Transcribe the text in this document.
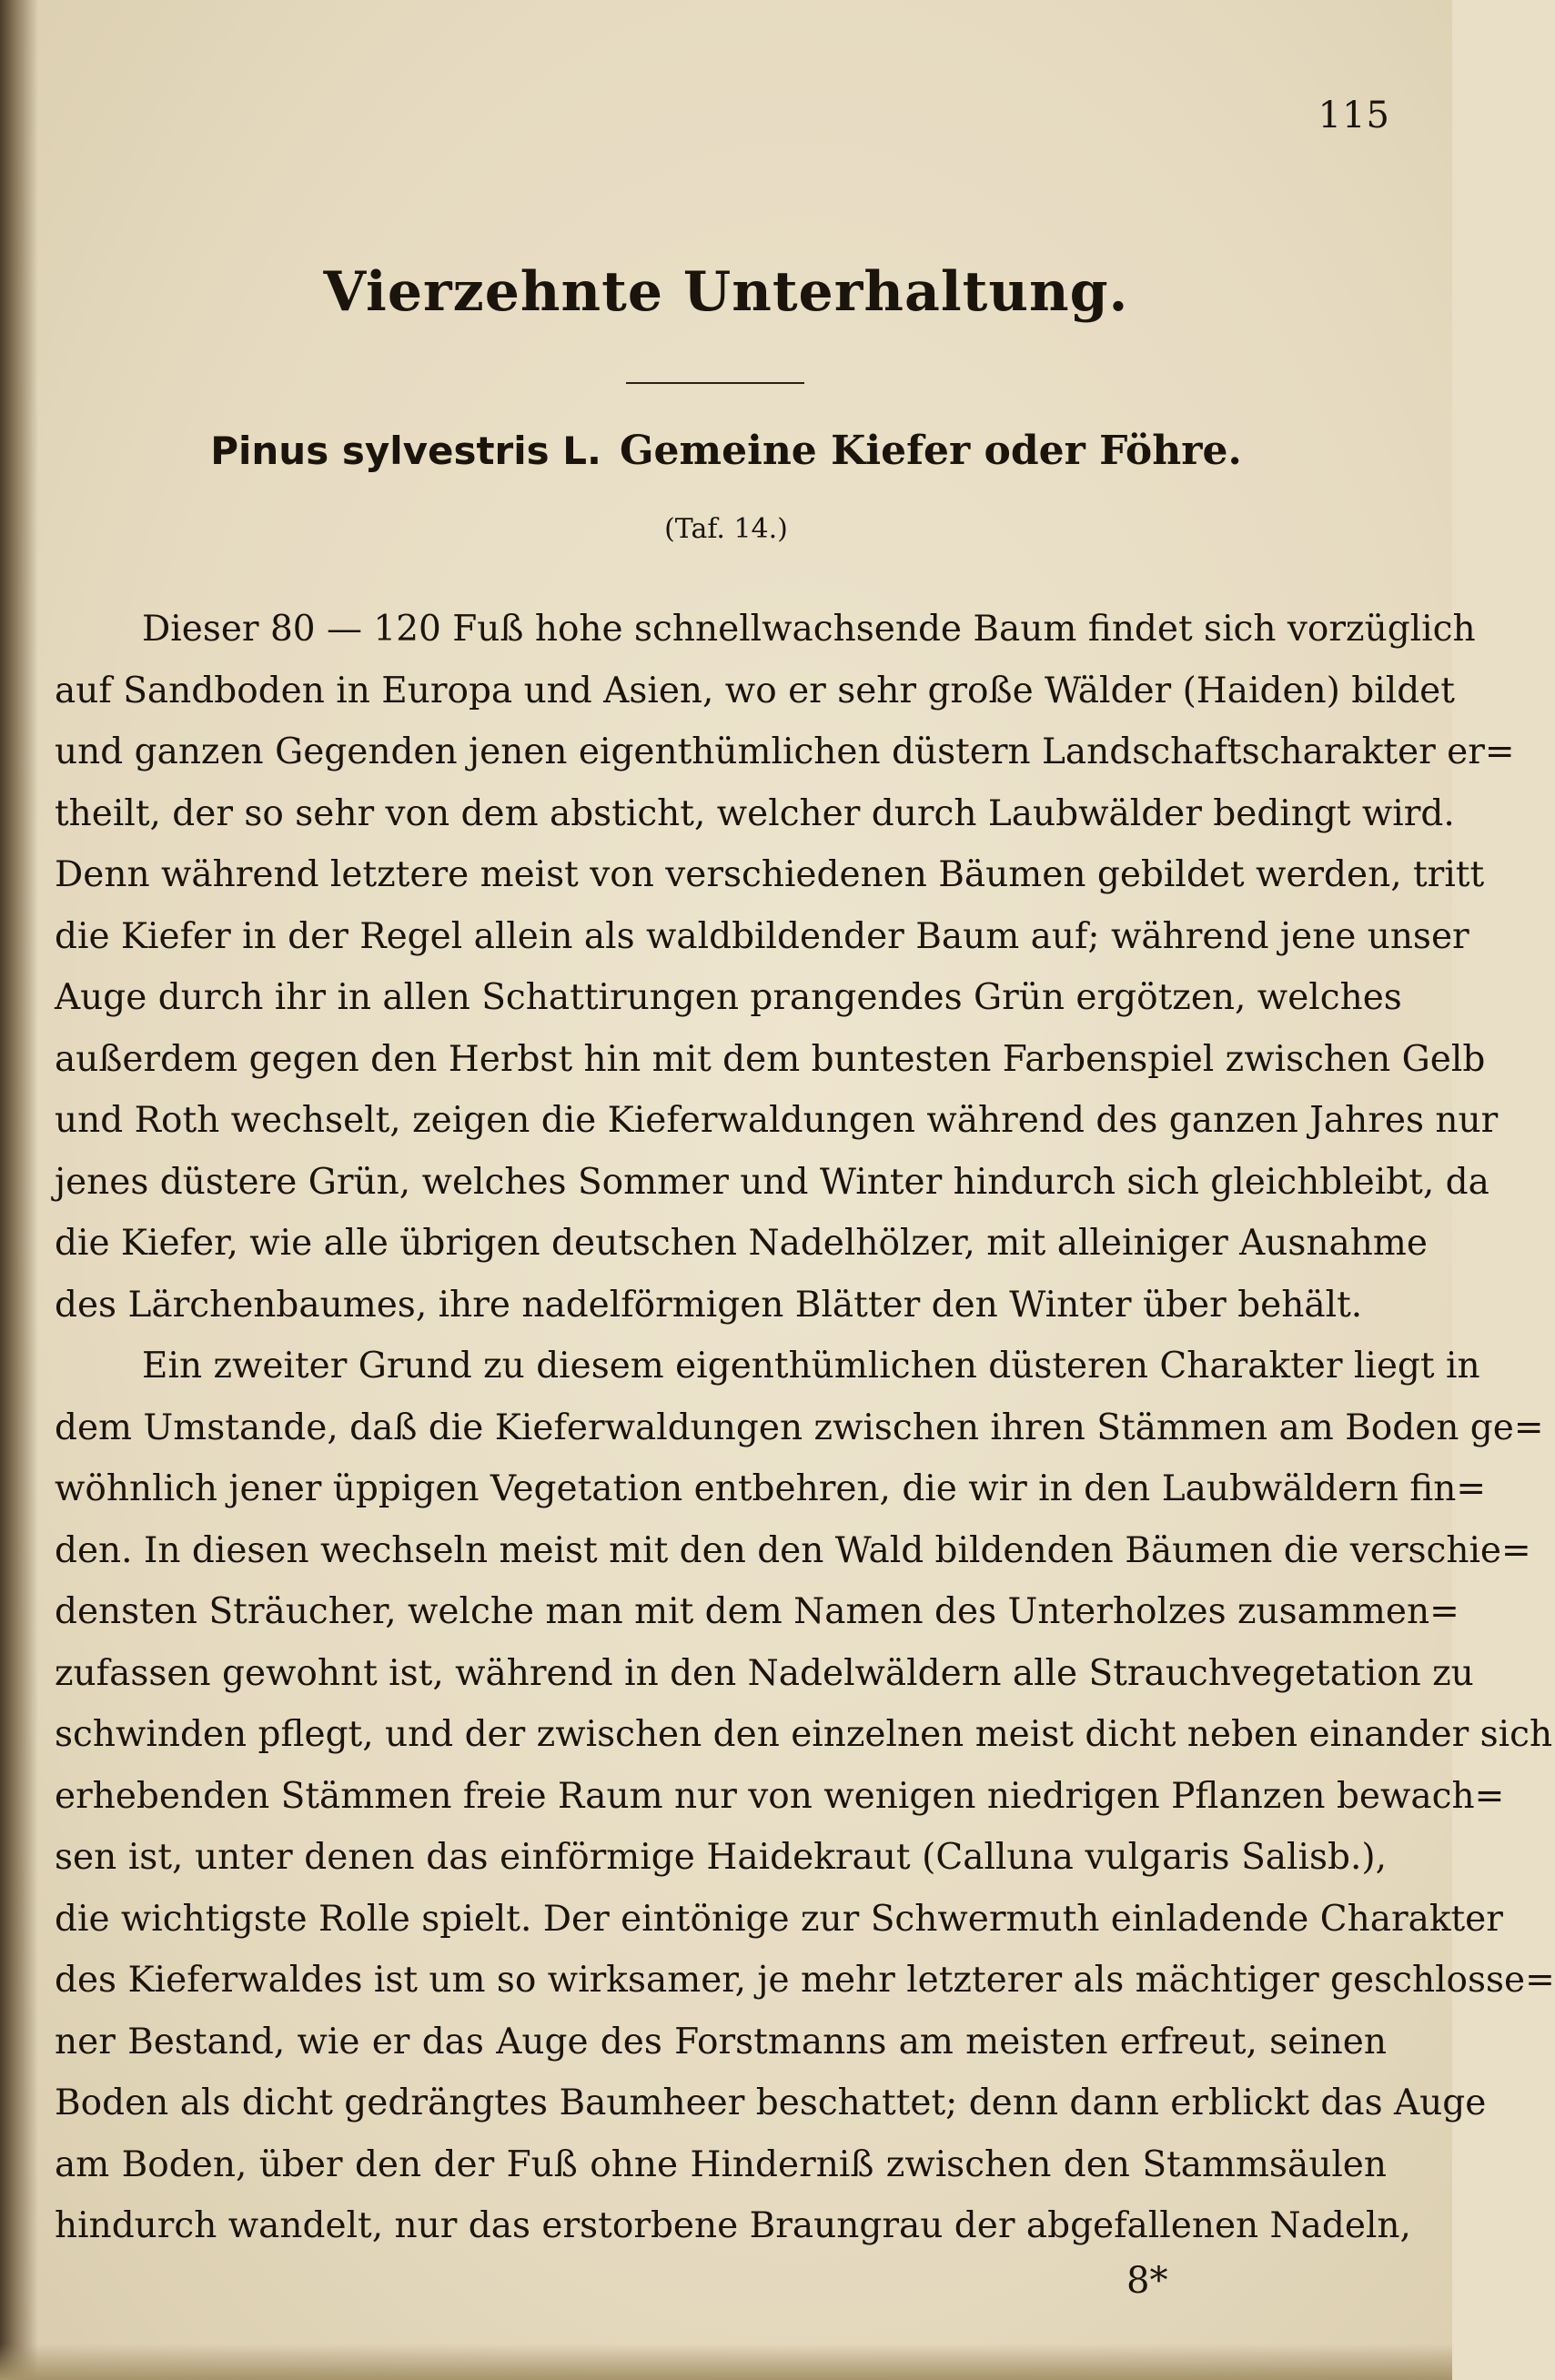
115
Vierzehnte Unterhaltung.
Pinus sylvestris L. Gemeine Kiefer oder Föhre.
(Taf. 14.)
Dieser 80 — 120 Fuß hohe schnellwachsende Baum findet sich vorzüglich
auf Sandboden in Europa und Asien, wo er sehr große Wälder (Haiden) bildet
und ganzen Gegenden jenen eigenthümlichen düstern Landschaftscharakter er=
theilt, der so sehr von dem absticht, welcher durch Laubwälder bedingt wird.
Denn während letztere meist von verschiedenen Bäumen gebildet werden, tritt
die Kiefer in der Regel allein als waldbildender Baum auf; während jene unser
Auge durch ihr in allen Schattirungen prangendes Grün ergötzen, welches
außerdem gegen den Herbst hin mit dem buntesten Farbenspiel zwischen Gelb
und Roth wechselt, zeigen die Kieferwaldungen während des ganzen Jahres nur
jenes düstere Grün, welches Sommer und Winter hindurch sich gleichbleibt, da
die Kiefer, wie alle übrigen deutschen Nadelhölzer, mit alleiniger Ausnahme
des Lärchenbaumes, ihre nadelförmigen Blätter den Winter über behält.
Ein zweiter Grund zu diesem eigenthümlichen düsteren Charakter liegt in
dem Umstande, daß die Kieferwaldungen zwischen ihren Stämmen am Boden ge=
wöhnlich jener üppigen Vegetation entbehren, die wir in den Laubwäldern fin=
den. In diesen wechseln meist mit den den Wald bildenden Bäumen die verschie=
densten Sträucher, welche man mit dem Namen des Unterholzes zusammen=
zufassen gewohnt ist, während in den Nadelwäldern alle Strauchvegetation zu
schwinden pflegt, und der zwischen den einzelnen meist dicht neben einander sich
erhebenden Stämmen freie Raum nur von wenigen niedrigen Pflanzen bewach=
sen ist, unter denen das einförmige Haidekraut (Calluna vulgaris Salisb.),
die wichtigste Rolle spielt. Der eintönige zur Schwermuth einladende Charakter
des Kieferwaldes ist um so wirksamer, je mehr letzterer als mächtiger geschlosse=
ner Bestand, wie er das Auge des Forstmanns am meisten erfreut, seinen
Boden als dicht gedrängtes Baumheer beschattet; denn dann erblickt das Auge
am Boden, über den der Fuß ohne Hinderniß zwischen den Stammsäulen
hindurch wandelt, nur das erstorbene Braungrau der abgefallenen Nadeln,
8*
